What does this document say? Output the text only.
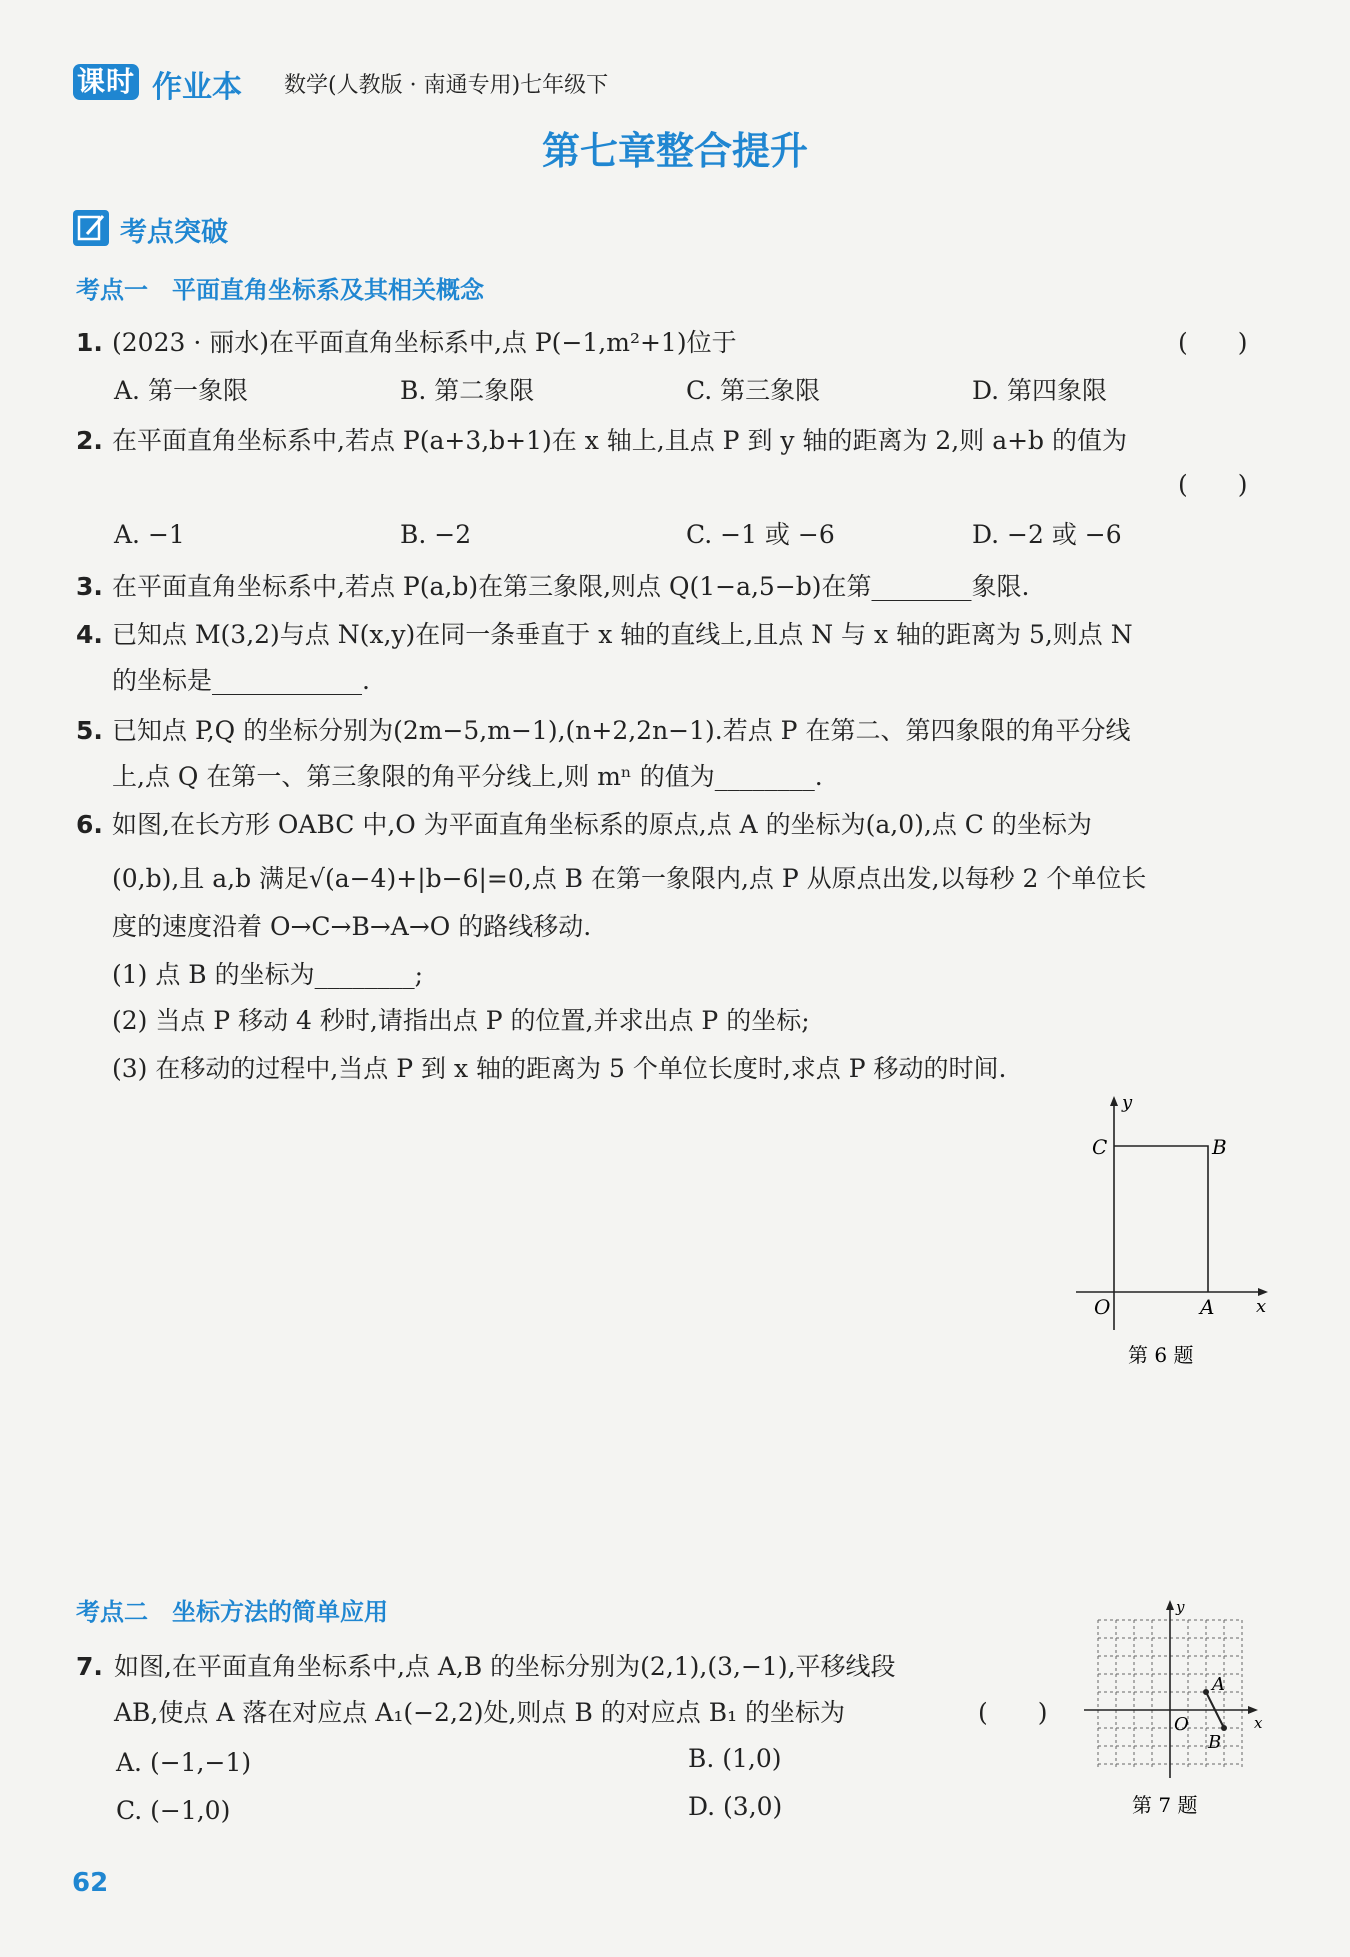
课时 作业本 数学(人教版 · 南通专用)七年级下
第七章整合提升
考点突破
考点一　平面直角坐标系及其相关概念
1. (2023 · 丽水)在平面直角坐标系中,点 P(−1,m²+1)位于	(　　)
A. 第一象限	B. 第二象限	C. 第三象限	D. 第四象限
2. 在平面直角坐标系中,若点 P(a+3,b+1)在 x 轴上,且点 P 到 y 轴的距离为 2,则 a+b 的值为
(　　)
A. −1	B. −2	C. −1 或 −6	D. −2 或 −6
3. 在平面直角坐标系中,若点 P(a,b)在第三象限,则点 Q(1−a,5−b)在第________象限.
4. 已知点 M(3,2)与点 N(x,y)在同一条垂直于 x 轴的直线上,且点 N 与 x 轴的距离为 5,则点 N
的坐标是____________.
5. 已知点 P,Q 的坐标分别为(2m−5,m−1),(n+2,2n−1).若点 P 在第二、第四象限的角平分线
上,点 Q 在第一、第三象限的角平分线上,则 mⁿ 的值为________.
6. 如图,在长方形 OABC 中,O 为平面直角坐标系的原点,点 A 的坐标为(a,0),点 C 的坐标为
(0,b),且 a,b 满足√(a−4)+|b−6|=0,点 B 在第一象限内,点 P 从原点出发,以每秒 2 个单位长
度的速度沿着 O→C→B→A→O 的路线移动.
(1) 点 B 的坐标为________;
(2) 当点 P 移动 4 秒时,请指出点 P 的位置,并求出点 P 的坐标;
(3) 在移动的过程中,当点 P 到 x 轴的距离为 5 个单位长度时,求点 P 移动的时间.
y
C	B
O	A x
第 6 题
考点二　坐标方法的简单应用
7. 如图,在平面直角坐标系中,点 A,B 的坐标分别为(2,1),(3,−1),平移线段
AB,使点 A 落在对应点 A₁(−2,2)处,则点 B 的对应点 B₁ 的坐标为	(　　)
A. (−1,−1)	B. (1,0)
C. (−1,0)	D. (3,0)
y
A
O	x
B
第 7 题
62
